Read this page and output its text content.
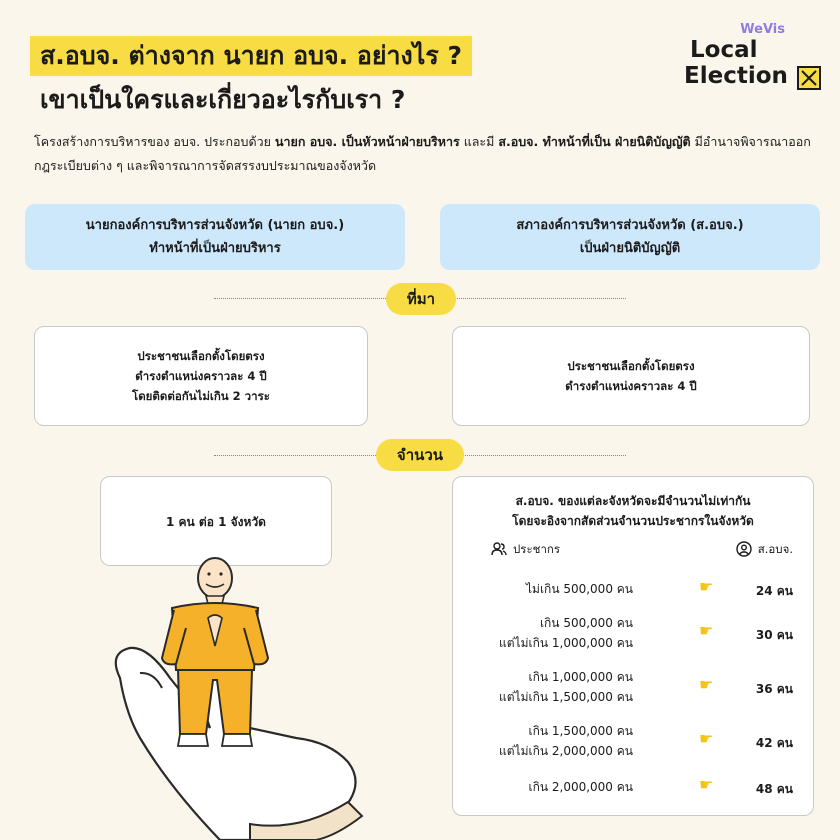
ส.อบจ. ต่างจาก นายก อบจ. อย่างไร ?
เขาเป็นใครและเกี่ยวอะไรกับเรา ?
WeVis
Local
Election
โครงสร้างการบริหารของ อบจ. ประกอบด้วย นายก อบจ. เป็นหัวหน้าฝ่ายบริหาร และมี ส.อบจ. ทำหน้าที่เป็น ฝ่ายนิติบัญญัติ มีอำนาจพิจารณาออกกฎระเบียบต่าง ๆ และพิจารณาการจัดสรรงบประมาณของจังหวัด
นายกองค์การบริหารส่วนจังหวัด (นายก อบจ.)
ทำหน้าที่เป็นฝ่ายบริหาร
สภาองค์การบริหารส่วนจังหวัด (ส.อบจ.)
เป็นฝ่ายนิติบัญญัติ
ที่มา
ประชาชนเลือกตั้งโดยตรง
ดำรงตำแหน่งคราวละ 4 ปี
โดยติดต่อกันไม่เกิน 2 วาระ
ประชาชนเลือกตั้งโดยตรง
ดำรงตำแหน่งคราวละ 4 ปี
จำนวน
1 คน ต่อ 1 จังหวัด
ส.อบจ. ของแต่ละจังหวัดจะมีจำนวนไม่เท่ากัน
โดยจะอิงจากสัดส่วนจำนวนประชากรในจังหวัด
ประชากร	ส.อบจ.
ไม่เกิน 500,000 คน	☛	24 คน
เกิน 500,000 คน
แต่ไม่เกิน 1,000,000 คน
☛	30 คน
เกิน 1,000,000 คน
แต่ไม่เกิน 1,500,000 คน
☛	36 คน
เกิน 1,500,000 คน
แต่ไม่เกิน 2,000,000 คน
☛	42 คน
เกิน 2,000,000 คน	☛	48 คน
